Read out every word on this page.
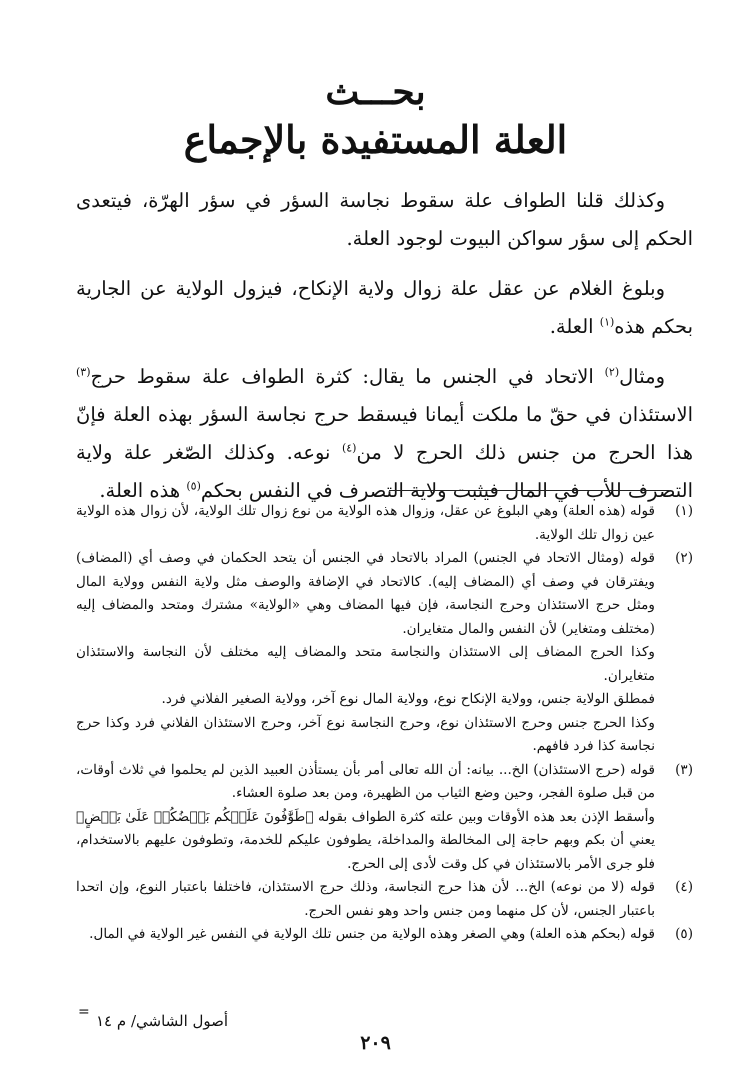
بحـــث
العلة المستفيدة بالإجماع

وكذلك قلنا الطواف علة سقوط نجاسة السؤر في سؤر الهرّة، فيتعدى الحكم إلى سؤر سواكن البيوت لوجود العلة.

وبلوغ الغلام عن عقل علة زوال ولاية الإنكاح، فيزول الولاية عن الجارية بحكم هذه$^{(١)}$ العلة.

ومثال$^{(٢)}$ الاتحاد في الجنس ما يقال: كثرة الطواف علة سقوط حرج$^{(٣)}$ الاستئذان في حقّ ما ملكت أيمانا فيسقط حرج نجاسة السؤر بهذه العلة فإنّ هذا الحرج من جنس ذلك الحرج لا من$^{(٤)}$ نوعه. وكذلك الصّغر علة ولاية التصرف للأب في المال فيثبت ولاية التصرف في النفس بحكم$^{(٥)}$ هذه العلة.

(١)
قوله (هذه العلة) وهي البلوغ عن عقل، وزوال هذه الولاية من نوع زوال تلك الولاية، لأن زوال هذه الولاية عين زوال تلك الولاية.
(٢)
قوله (ومثال الاتحاد في الجنس) المراد بالاتحاد في الجنس أن يتحد الحكمان في وصف أي (المضاف) ويفترقان في وصف أي (المضاف إليه). كالاتحاد في الإضافة والوصف مثل ولاية النفس وولاية المال ومثل حرج الاستئذان وحرج النجاسة، فإن فيها المضاف وهي «الولاية» مشترك ومتحد والمضاف إليه (مختلف ومتغاير) لأن النفس والمال متغايران.
وكذا الحرج المضاف إلى الاستئذان والنجاسة متحد والمضاف إليه مختلف لأن النجاسة والاستئذان متغايران.
فمطلق الولاية جنس، وولاية الإنكاح نوع، وولاية المال نوع آخر، وولاية الصغير الفلاني فرد.
وكذا الحرج جنس وحرج الاستئذان نوع، وحرج النجاسة نوع آخر، وحرج الاستئذان الفلاني فرد وكذا حرج نجاسة كذا فرد فافهم.
(٣)
قوله (حرج الاستئذان) الخ... بيانه: أن الله تعالى أمر بأن يستأذن العبيد الذين لم يحلموا في ثلاث أوقات، من قبل صلوة الفجر، وحين وضع الثياب من الظهيرة، ومن بعد صلوة العشاء.
وأسقط الإذن بعد هذه الأوقات وبين علته كثرة الطواف بقوله ﴿طَوَّٰفُونَ عَلَيۡكُم بَعۡضُكُمۡ عَلَىٰ بَعۡضٍ﴾ يعني أن بكم وبهم حاجة إلى المخالطة والمداخلة، يطوفون عليكم للخدمة، وتطوفون عليهم بالاستخدام، فلو جرى الأمر بالاستئذان في كل وقت لأدى إلى الحرج.
(٤)
قوله (لا من نوعه) الخ... لأن هذا حرج النجاسة، وذلك حرج الاستئذان، فاختلفا باعتبار النوع، وإن اتحدا باعتبار الجنس، لأن كل منهما ومن جنس واحد وهو نفس الحرج.
(٥)
قوله (بحكم هذه العلة) وهي الصغر وهذه الولاية من جنس تلك الولاية في النفس غير الولاية في المال.
= أصول الشاشي/ م ١٤
٢٠٩
